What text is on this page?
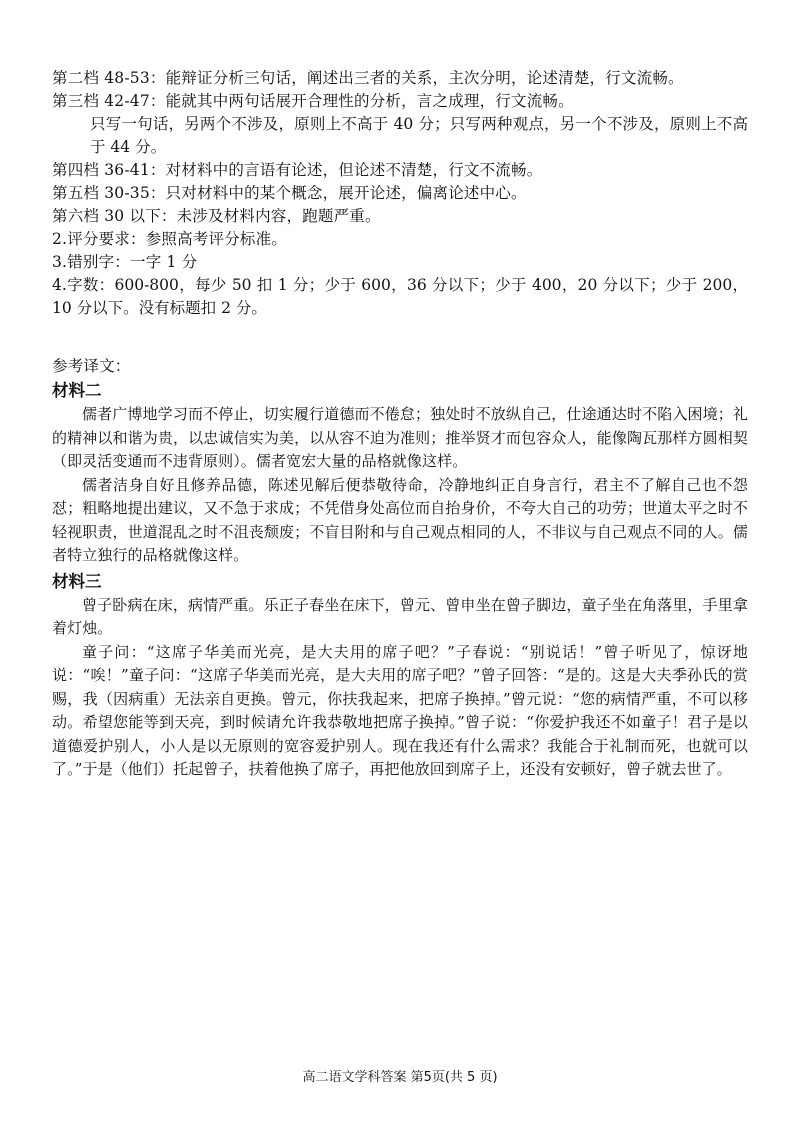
第二档 48-53：能辩证分析三句话，阐述出三者的关系，主次分明，论述清楚，行文流畅。
第三档 42-47：能就其中两句话展开合理性的分析，言之成理，行文流畅。
只写一句话，另两个不涉及，原则上不高于 40 分；只写两种观点，另一个不涉及，原则上不高于 44 分。
第四档 36-41：对材料中的言语有论述，但论述不清楚，行文不流畅。
第五档 30-35：只对材料中的某个概念，展开论述，偏离论述中心。
第六档 30 以下：未涉及材料内容，跑题严重。
2.评分要求：参照高考评分标准。
3.错别字：一字 1 分
4.字数：600-800，每少 50 扣 1 分；少于 600，36 分以下；少于 400，20 分以下；少于 200，10 分以下。没有标题扣 2 分。
参考译文：
材料二
儒者广博地学习而不停止，切实履行道德而不倦怠；独处时不放纵自己，仕途通达时不陷入困境；礼的精神以和谐为贵，以忠诚信实为美，以从容不迫为准则；推举贤才而包容众人，能像陶瓦那样方圆相契（即灵活变通而不违背原则）。儒者宽宏大量的品格就像这样。
儒者洁身自好且修养品德，陈述见解后便恭敬待命，冷静地纠正自身言行，君主不了解自己也不怨怼；粗略地提出建议，又不急于求成；不凭借身处高位而自抬身价，不夸大自己的功劳；世道太平之时不轻视职责，世道混乱之时不沮丧颓废；不盲目附和与自己观点相同的人，不非议与自己观点不同的人。儒者特立独行的品格就像这样。
材料三
曾子卧病在床，病情严重。乐正子春坐在床下，曾元、曾申坐在曾子脚边，童子坐在角落里，手里拿着灯烛。
童子问：“这席子华美而光亮，是大夫用的席子吧？”子春说：“别说话！”曾子听见了，惊讶地说：“唉！”童子问：“这席子华美而光亮，是大夫用的席子吧？”曾子回答：“是的。这是大夫季孙氏的赏赐，我（因病重）无法亲自更换。曾元，你扶我起来，把席子换掉。”曾元说：“您的病情严重，不可以移动。希望您能等到天亮，到时候请允许我恭敬地把席子换掉。”曾子说：“你爱护我还不如童子！君子是以道德爱护别人，小人是以无原则的宽容爱护别人。现在我还有什么需求？我能合于礼制而死，也就可以了。”于是（他们）托起曾子，扶着他换了席子，再把他放回到席子上，还没有安顿好，曾子就去世了。
高二语文学科答案 第5页(共 5 页)
